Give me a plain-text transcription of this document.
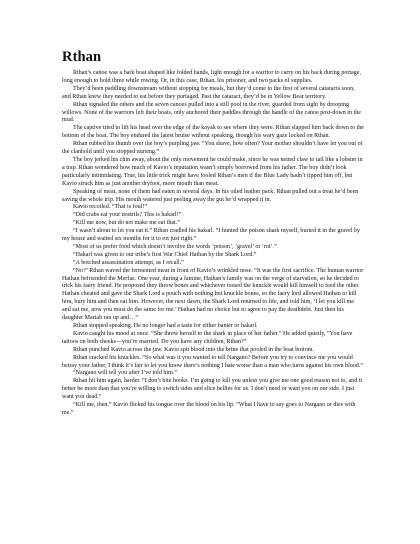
Rthan

Rthan’s canoe was a bark boat shaped like folded hands, light enough for a warrior to carry on his back during portage, long enough to hold three while rowing. Or, in this case, Rthan, his prisoner, and two packs of supplies.

They’d been paddling downstream without stopping for meals, but they’d come to the first of several cataracts soon, and Rthan knew they needed to eat before they portaged. Past the cataract, they’d be in Yellow Bear territory.

Rthan signaled the others and the seven canoes pulled into a still pool in the river, guarded from sight by drooping willows. None of the warriors left their boats, only anchored their paddles through the handle of the canoe post-down in the mud.

The captive tried to lift his head over the edge of the kayak to see where they were. Rthan slapped him back down to the bottom of the boat. The boy endured the latest bruise without speaking, though his wary gaze locked on Rthan.

Rthan rubbed his thumb over the boy’s purpling jaw. “You shave, how often? Your mother shouldn’t have let you out of the clanhold until you stopped nursing.”

The boy jerked his chin away, about the only movement he could make, since he was netted claw to tail like a lobster in a trap. Rthan wondered how much of Kavio’s reputation wasn’t simply borrowed from his father. The boy didn’t look particularly intimidating. True, his little trick might have fooled Rthan’s men if the Blue Lady hadn’t tipped him off, but Kavio struck him as just another dryfoot, more mouth than meat.

Speaking of meat, none of them had eaten in several days. In his oiled leather pack, Rthan pulled out a treat he’d been saving the whole trip. His mouth watered just peeling away the gut he’d wrapped it in.

Kavio recoiled. “That is foul!”

“Did crabs eat your nostrils? This is hakarl!”

“Kill me now, but do not make me eat that.”

“I wasn’t about to let you eat it.” Rthan cradled his hakarl. “I hunted the poison shark myself, buried it in the gravel by my house and waited six months for it to rot just right.”

“Most of us prefer food which doesn’t involve the words ‘poison’, ‘gravel’ or ‘rot’.”

“Hakarl was given to our tribe’s first War Chief Hathan by the Shark Lord.”

“A botched assassination attempt, as I recall.”

“No!” Rthan waved the fermented meat in front of Kavio’s wrinkled nose. “It was the first sacrifice. The human warrior Hathan befriended the Merfae. One year, during a famine, Hathan’s family was on the verge of starvation, so he decided to trick his faery friend. He proposed they throw bones and whichever tossed the knuckle would kill himself to feed the other. Hathan cheated and gave the Shark Lord a pouch with nothing but knuckle bones, so the faery lord allowed Hathan to kill him, bury him and then eat him. However, the next dawn, the Shark Lord returned to life, and told him, ‘I let you kill me and eat me, now you must do the same for me.’ Hathan had no choice but to agree to pay the deathdebt. Just then his daughter Mariah ran up and…”

Rthan stopped speaking. He no longer had a taste for either banter or hakarl.

Kavio caught his mood at once. “She threw herself to the shark in place of her father.” He added quietly, “You have tattoos on both cheeks—you’re married. Do you have any children, Rthan?”

Rthan punched Kavio across the jaw. Kavio spit blood into the brine that pooled in the boat bottom.

Rthan cracked his knuckles. “So what was it you wanted to tell Nargano? Before you try to convince me you would betray your father, I think it’s fair to let you know there’s nothing I hate worse than a man who turns against his own blood.”

“Nargano will tell you after I’ve told him.”

Rthan hit him again, harder. “I don’t bite hooks. I’m going to kill you unless you give me one good reason not to, and it better be more than that you’re willing to switch sides and slice bellies for us. I don’t need or want you on our side. I just want you dead.”

“Kill me, then.” Kavio flicked his tongue over the blood on his lip. “What I have to say goes to Nargano or dies with me.”
